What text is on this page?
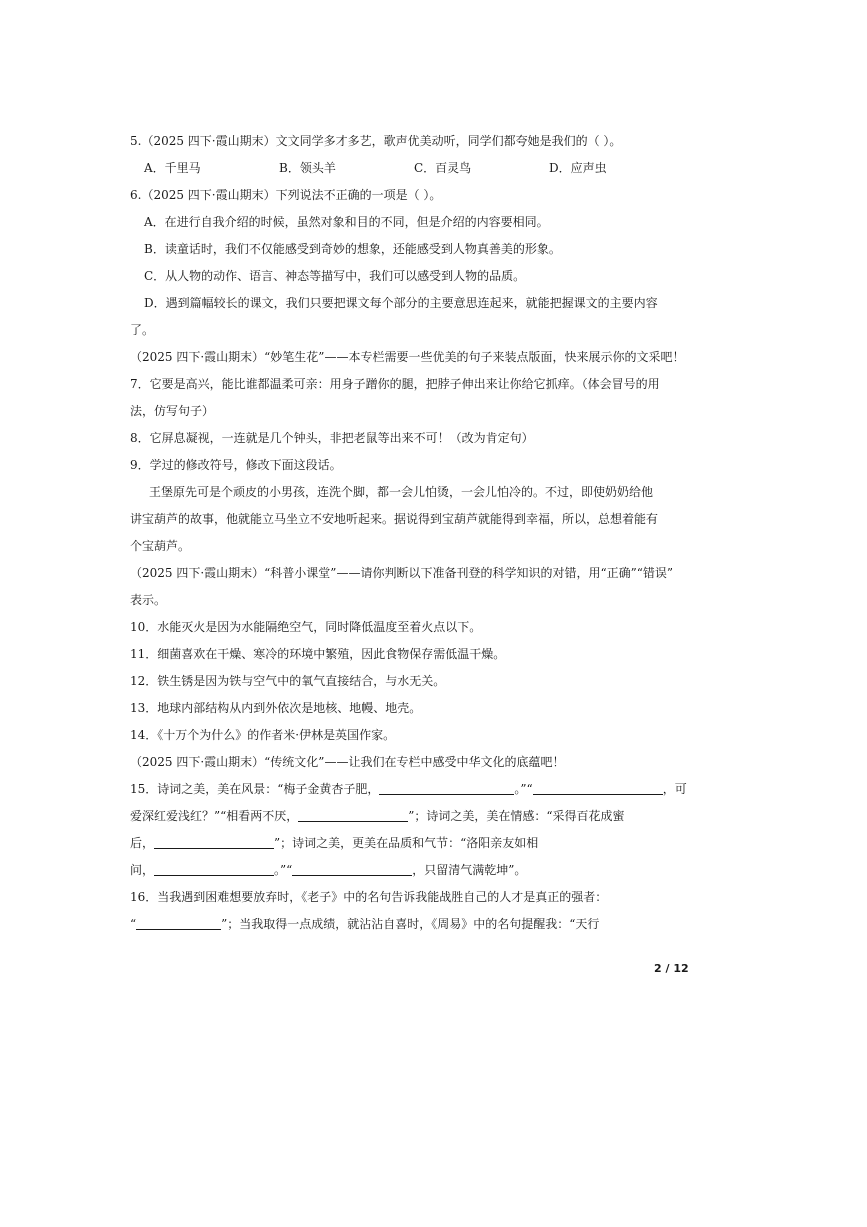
5.（2025 四下·霞山期末）文文同学多才多艺，歌声优美动听，同学们都夸她是我们的（ ）。
A．千里马	B．领头羊	C．百灵鸟	D．应声虫
6.（2025 四下·霞山期末）下列说法不正确的一项是（ ）。
A．在进行自我介绍的时候，虽然对象和目的不同，但是介绍的内容要相同。
B．读童话时，我们不仅能感受到奇妙的想象，还能感受到人物真善美的形象。
C．从人物的动作、语言、神态等描写中，我们可以感受到人物的品质。
D．遇到篇幅较长的课文，我们只要把课文每个部分的主要意思连起来，就能把握课文的主要内容
了。
（2025 四下·霞山期末）“妙笔生花”——本专栏需要一些优美的句子来装点版面，快来展示你的文采吧！
7．它要是高兴，能比谁都温柔可亲：用身子蹭你的腿，把脖子伸出来让你给它抓痒。（体会冒号的用
法，仿写句子）
8．它屏息凝视，一连就是几个钟头，非把老鼠等出来不可！（改为肯定句）
9．学过的修改符号，修改下面这段话。
王堡原先可是个顽皮的小男孩，连洗个脚，都一会儿怕烫，一会儿怕冷的。不过，即使奶奶给他
讲宝葫芦的故事，他就能立马坐立不安地听起来。据说得到宝葫芦就能得到幸福，所以，总想着能有
个宝葫芦。
（2025 四下·霞山期末）“科普小课堂”——请你判断以下准备刊登的科学知识的对错，用“正确”“错误”
表示。
10．水能灭火是因为水能隔绝空气，同时降低温度至着火点以下。
11．细菌喜欢在干燥、寒冷的环境中繁殖，因此食物保存需低温干燥。
12．铁生锈是因为铁与空气中的氧气直接结合，与水无关。
13．地球内部结构从内到外依次是地核、地幔、地壳。
14．《十万个为什么》的作者米·伊林是英国作家。
（2025 四下·霞山期末）“传统文化”——让我们在专栏中感受中华文化的底蕴吧！
15．诗词之美，美在风景：“梅子金黄杏子肥，	。”“	，可
爱深红爱浅红？”“相看两不厌，	”；诗词之美，美在情感：“采得百花成蜜
后，	”；诗词之美，更美在品质和气节：“洛阳亲友如相
问，	。”“	，只留清气满乾坤”。
16．当我遇到困难想要放弃时，《老子》中的名句告诉我能战胜自己的人才是真正的强者：
“	”；当我取得一点成绩，就沾沾自喜时，《周易》中的名句提醒我：“天行
2 / 12
